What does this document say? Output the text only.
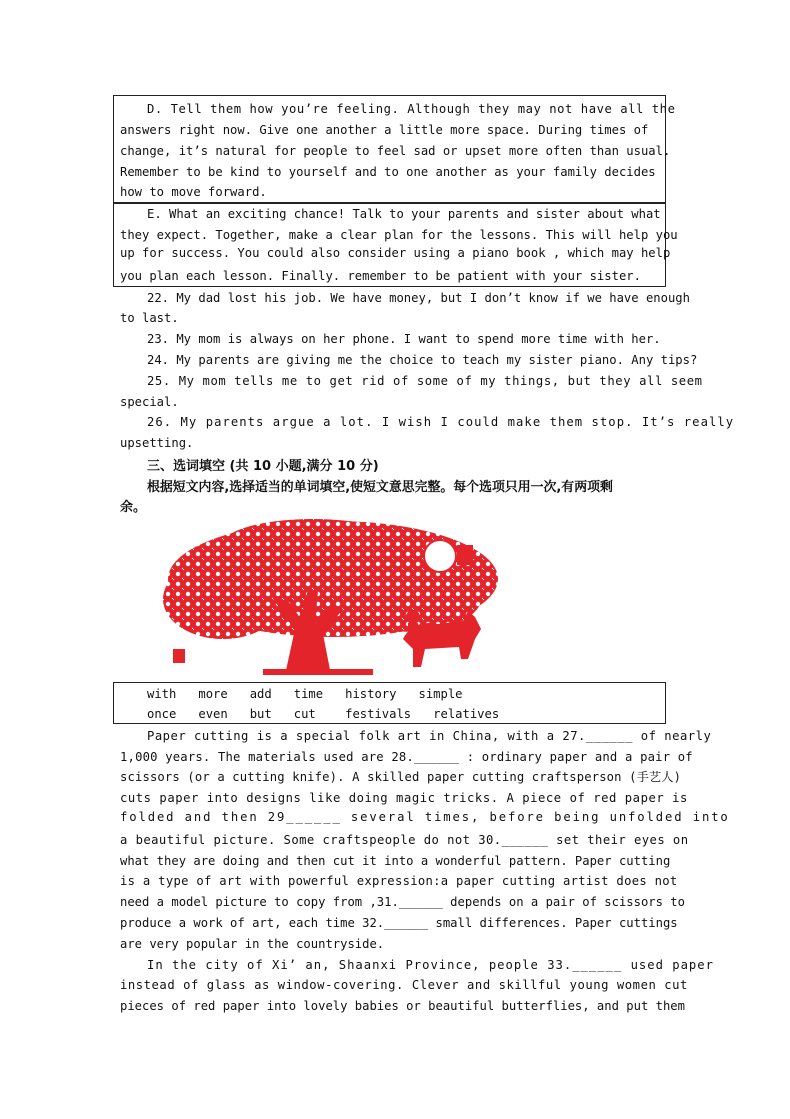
D. Tell them how you’re feeling. Although they may not have all the
answers right now. Give one another a little more space. During times of
change, it’s natural for people to feel sad or upset more often than usual.
Remember to be kind to yourself and to one another as your family decides
how to move forward.
E. What an exciting chance! Talk to your parents and sister about what
they expect. Together, make a clear plan for the lessons. This will help you
up for success. You could also consider using a piano book , which may help
you plan each lesson. Finally. remember to be patient with your sister.
22. My dad lost his job. We have money, but I don’t know if we have enough
to last.
23. My mom is always on her phone. I want to spend more time with her.
24. My parents are giving me the choice to teach my sister piano. Any tips?
25. My mom tells me to get rid of some of my things, but they all seem
special.
26. My parents argue a lot. I wish I could make them stop. It’s really
upsetting.
三、选词填空 (共 10 小题,满分 10 分)
根据短文内容,选择适当的单词填空,使短文意思完整。每个选项只用一次,有两项剩
余。
with   more   add   time   history   simple
once   even   but   cut    festivals   relatives
Paper cutting is a special folk art in China, with a 27.______ of nearly
1,000 years. The materials used are 28.______ : ordinary paper and a pair of
scissors (or a cutting knife). A skilled paper cutting craftsperson (手艺人)
cuts paper into designs like doing magic tricks. A piece of red paper is
folded and then 29______ several times, before being unfolded into
a beautiful picture. Some craftspeople do not 30.______ set their eyes on
what they are doing and then cut it into a wonderful pattern. Paper cutting
is a type of art with powerful expression:a paper cutting artist does not
need a model picture to copy from ,31.______ depends on a pair of scissors to
produce a work of art, each time 32.______ small differences. Paper cuttings
are very popular in the countryside.
In the city of Xi’ an, Shaanxi Province, people 33.______ used paper
instead of glass as window-covering. Clever and skillful young women cut
pieces of red paper into lovely babies or beautiful butterflies, and put them
